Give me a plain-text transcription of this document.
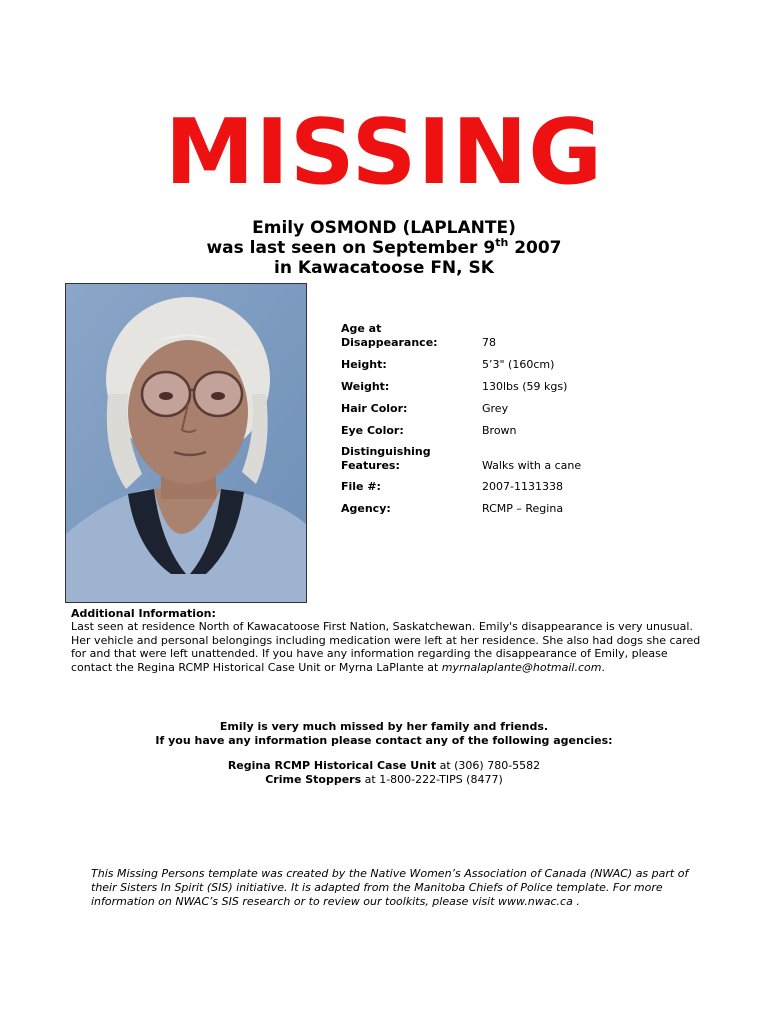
MISSING
Emily OSMOND (LAPLANTE)
was last seen on September 9th 2007
in Kawacatoose FN, SK
Age at
Disappearance:	78
Height:	5’3" (160cm)
Weight:	130lbs (59 kgs)
Hair Color:	Grey
Eye Color:	Brown
Distinguishing
Features:	Walks with a cane
File #:	2007-1131338
Agency:	RCMP – Regina
Additional Information:
Last seen at residence North of Kawacatoose First Nation, Saskatchewan. Emily's disappearance is very unusual. Her vehicle and personal belongings including medication were left at her residence. She also had dogs she cared for and that were left unattended. If you have any information regarding the disappearance of Emily, please contact the Regina RCMP Historical Case Unit or Myrna LaPlante at myrnalaplante@hotmail.com.
Emily is very much missed by her family and friends.
If you have any information please contact any of the following agencies:
Regina RCMP Historical Case Unit at (306) 780-5582
Crime Stoppers at 1-800-222-TIPS (8477)
This Missing Persons template was created by the Native Women’s Association of Canada (NWAC) as part of their Sisters In Spirit (SIS) initiative. It is adapted from the Manitoba Chiefs of Police template. For more information on NWAC’s SIS research or to review our toolkits, please visit www.nwac.ca .
